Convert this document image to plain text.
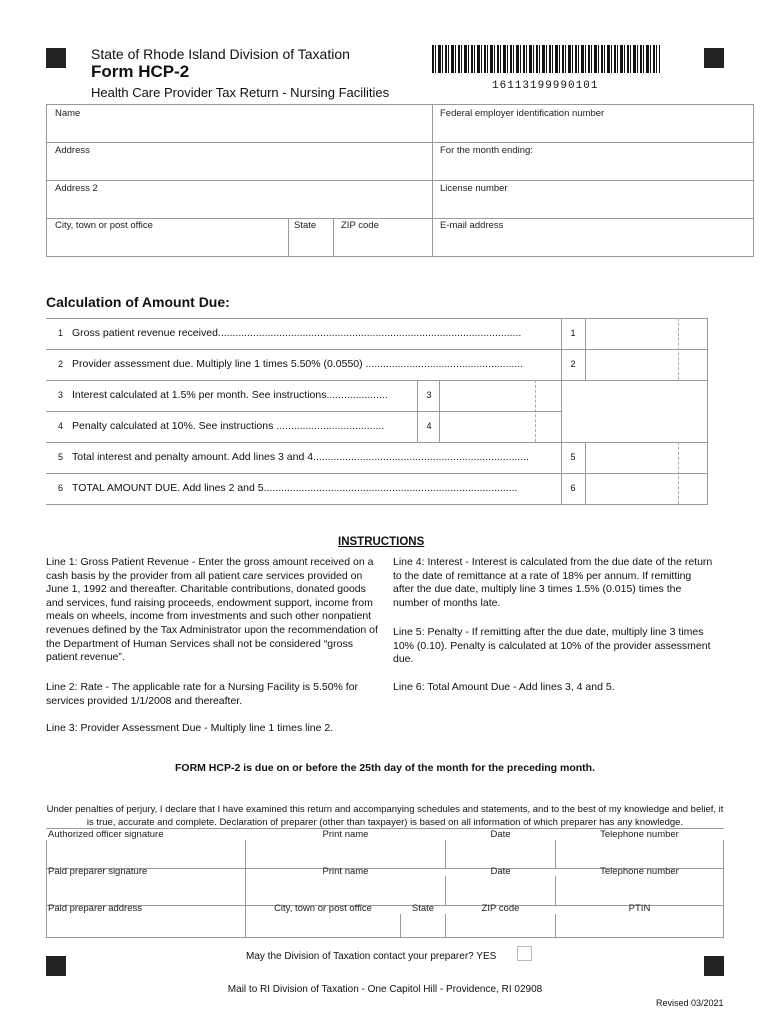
State of Rhode Island Division of Taxation
Form HCP-2
Health Care Provider Tax Return - Nursing Facilities	16113199990101
Name	Federal employer identification number
Address	For the month ending:
Address 2	License number
City, town or post office	State	ZIP code	E-mail address
Calculation of Amount Due:
1 Gross patient revenue received........................................................................................................	1
2 Provider assessment due. Multiply line 1 times 5.50% (0.0550) ......................................................	2
3 Interest calculated at 1.5% per month. See instructions.....................	3
4 Penalty calculated at 10%. See instructions .....................................	4
5 Total interest and penalty amount. Add lines 3 and 4..........................................................................	5
6 TOTAL AMOUNT DUE. Add lines 2 and 5.......................................................................................	6
INSTRUCTIONS
Line 1: Gross Patient Revenue - Enter the gross amount received on a cash basis by the provider from all patient care services provided on June 1, 1992 and thereafter. Charitable contributions, donated goods and services, fund raising proceeds, endowment support, income from meals on wheels, income from investments and such other nonpatient revenues defined by the Tax Administrator upon the recommendation of the Department of Human Services shall not be considered “gross patient revenue”.
Line 2: Rate - The applicable rate for a Nursing Facility is 5.50% for services provided 1/1/2008 and thereafter.
Line 3: Provider Assessment Due - Multiply line 1 times line 2.
Line 4: Interest - Interest is calculated from the due date of the return to the date of remittance at a rate of 18% per annum. If remitting after the due date, multiply line 3 times 1.5% (0.015) times the number of months late.
Line 5: Penalty - If remitting after the due date, multiply line 3 times 10% (0.10). Penalty is calculated at 10% of the provider assessment due.
Line 6: Total Amount Due - Add lines 3, 4 and 5.
FORM HCP-2 is due on or before the 25th day of the month for the preceding month.
Under penalties of perjury, I declare that I have examined this return and accompanying schedules and statements, and to the best of my knowledge and belief, it is true, accurate and complete. Declaration of preparer (other than taxpayer) is based on all information of which preparer has any knowledge.
Authorized officer signature	Print name	Date	Telephone number
Paid preparer signature	Print name	Date	Telephone number
Paid preparer address	City, town or post office	State	ZIP code	PTIN
May the Division of Taxation contact your preparer? YES
Mail to RI Division of Taxation - One Capitol Hill - Providence, RI 02908
Revised 03/2021
